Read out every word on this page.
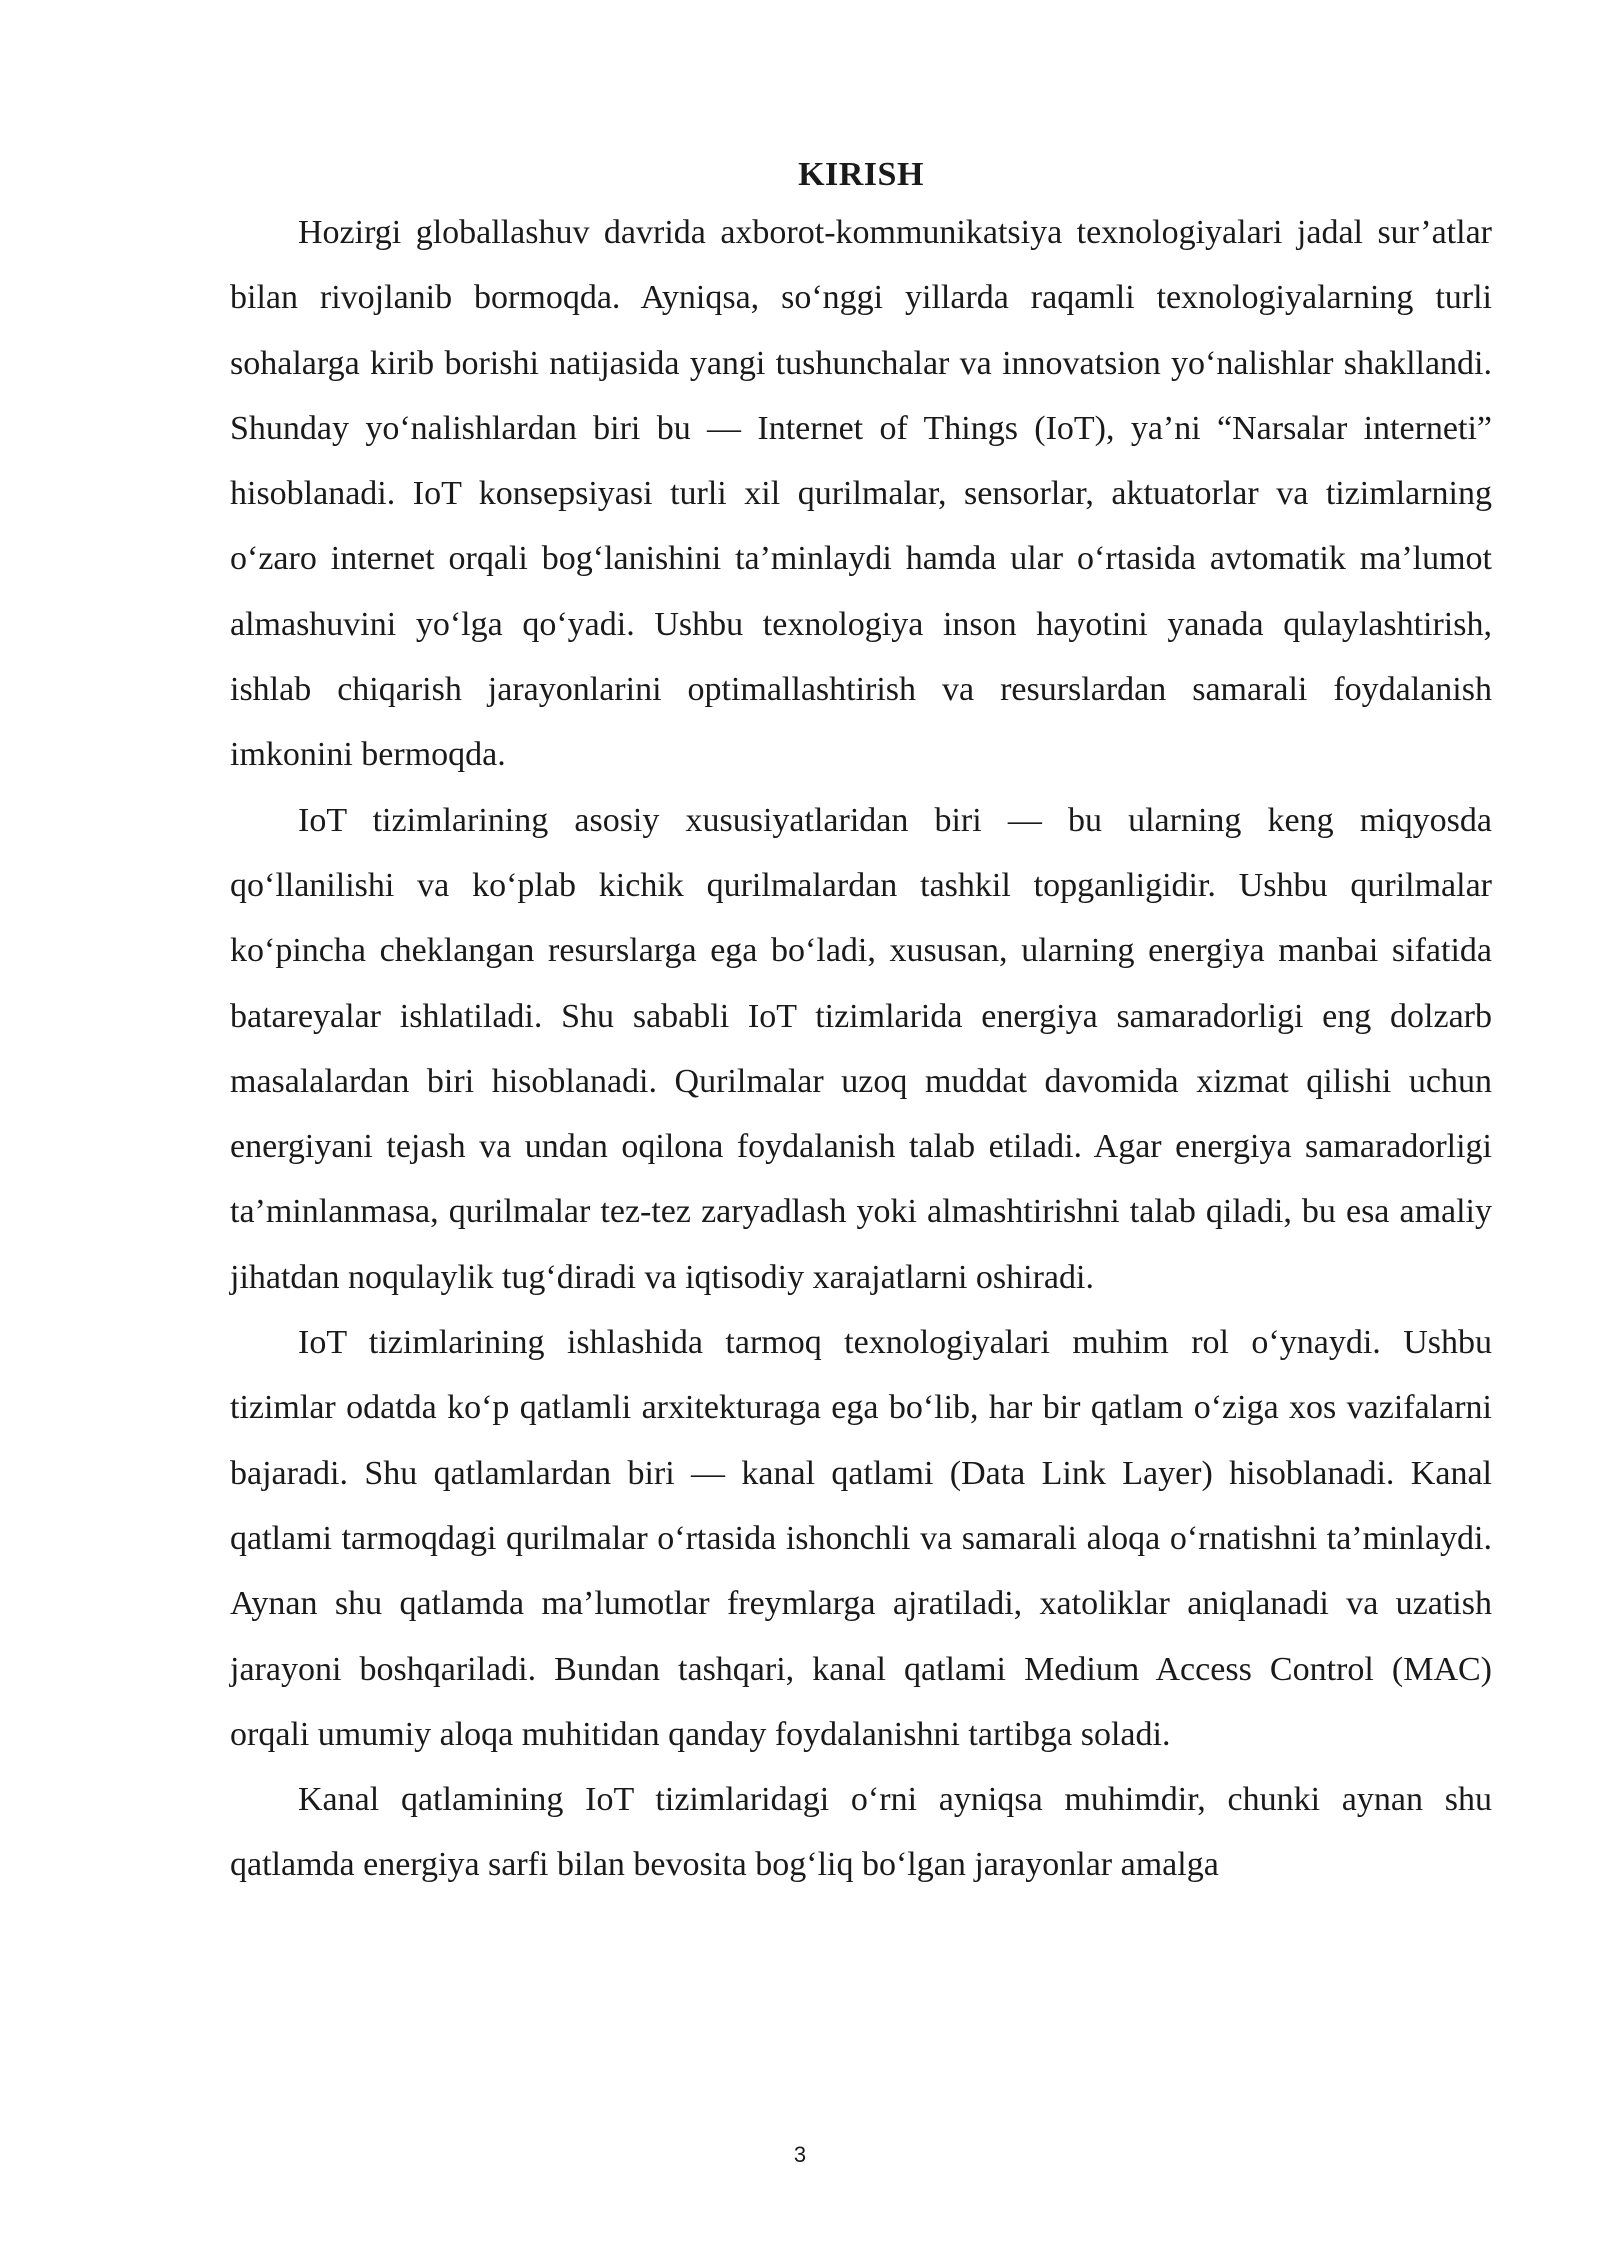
KIRISH

Hozirgi globallashuv davrida axborot-kommunikatsiya texnologiyalari jadal sur’atlar bilan rivojlanib bormoqda. Ayniqsa, so‘nggi yillarda raqamli texnologiyalarning turli sohalarga kirib borishi natijasida yangi tushunchalar va innovatsion yo‘nalishlar shakllandi. Shunday yo‘nalishlardan biri bu — Internet of Things (IoT), ya’ni “Narsalar interneti” hisoblanadi. IoT konsepsiyasi turli xil qurilmalar, sensorlar, aktuatorlar va tizimlarning o‘zaro internet orqali bog‘lanishini ta’minlaydi hamda ular o‘rtasida avtomatik ma’lumot almashuvini yo‘lga qo‘yadi. Ushbu texnologiya inson hayotini yanada qulaylashtirish, ishlab chiqarish jarayonlarini optimallashtirish va resurslardan samarali foydalanish imkonini bermoqda.

IoT tizimlarining asosiy xususiyatlaridan biri — bu ularning keng miqyosda qo‘llanilishi va ko‘plab kichik qurilmalardan tashkil topganligidir. Ushbu qurilmalar ko‘pincha cheklangan resurslarga ega bo‘ladi, xususan, ularning energiya manbai sifatida batareyalar ishlatiladi. Shu sababli IoT tizimlarida energiya samaradorligi eng dolzarb masalalardan biri hisoblanadi. Qurilmalar uzoq muddat davomida xizmat qilishi uchun energiyani tejash va undan oqilona foydalanish talab etiladi. Agar energiya samaradorligi ta’minlanmasa, qurilmalar tez-tez zaryadlash yoki almashtirishni talab qiladi, bu esa amaliy jihatdan noqulaylik tug‘diradi va iqtisodiy xarajatlarni oshiradi.

IoT tizimlarining ishlashida tarmoq texnologiyalari muhim rol o‘ynaydi. Ushbu tizimlar odatda ko‘p qatlamli arxitekturaga ega bo‘lib, har bir qatlam o‘ziga xos vazifalarni bajaradi. Shu qatlamlardan biri — kanal qatlami (Data Link Layer) hisoblanadi. Kanal qatlami tarmoqdagi qurilmalar o‘rtasida ishonchli va samarali aloqa o‘rnatishni ta’minlaydi. Aynan shu qatlamda ma’lumotlar freymlarga ajratiladi, xatoliklar aniqlanadi va uzatish jarayoni boshqariladi. Bundan tashqari, kanal qatlami Medium Access Control (MAC) orqali umumiy aloqa muhitidan qanday foydalanishni tartibga soladi.

Kanal qatlamining IoT tizimlaridagi o‘rni ayniqsa muhimdir, chunki aynan shu qatlamda energiya sarfi bilan bevosita bog‘liq bo‘lgan jarayonlar amalga

3
